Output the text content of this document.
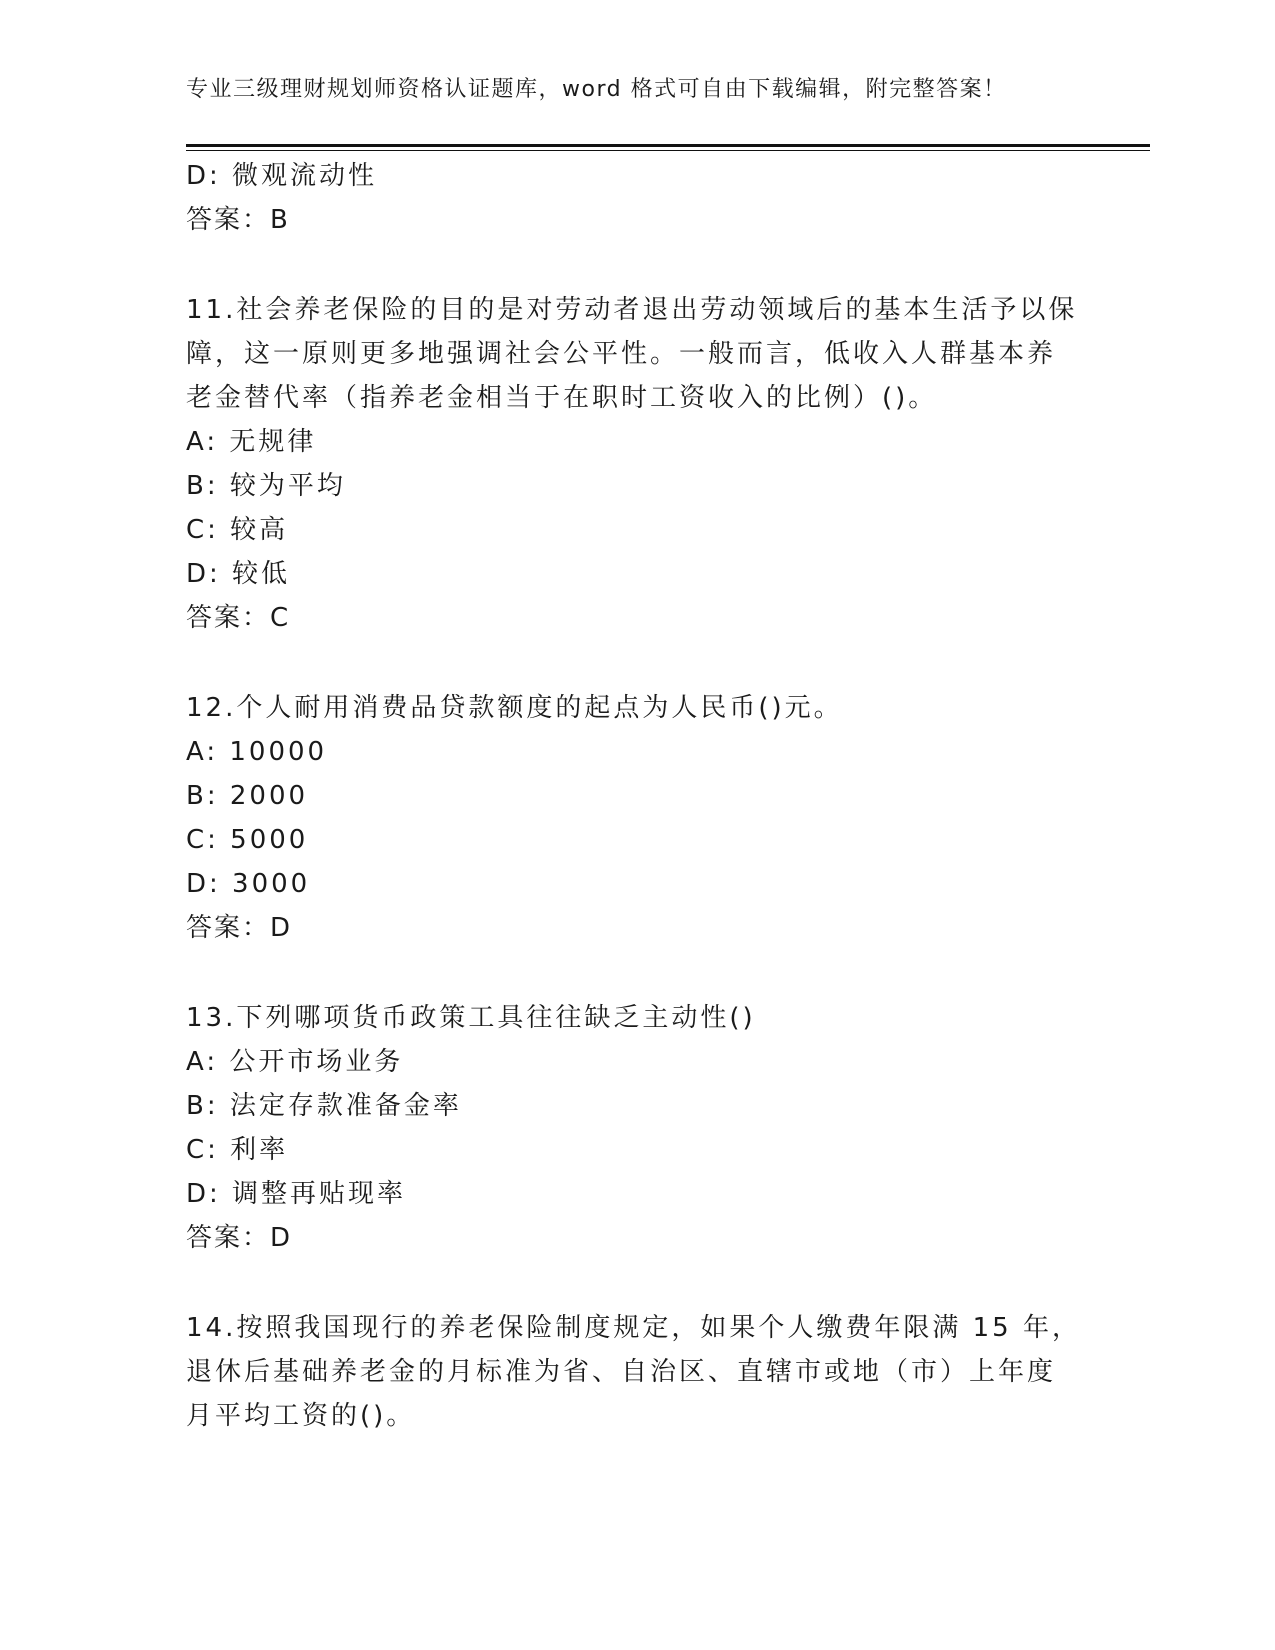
专业三级理财规划师资格认证题库，word 格式可自由下载编辑，附完整答案！
D: 微观流动性
答案：B
11.社会养老保险的目的是对劳动者退出劳动领域后的基本生活予以保
障，这一原则更多地强调社会公平性。一般而言，低收入人群基本养
老金替代率（指养老金相当于在职时工资收入的比例）()。
A: 无规律
B: 较为平均
C: 较高
D: 较低
答案：C
12.个人耐用消费品贷款额度的起点为人民币()元。
A: 10000
B: 2000
C: 5000
D: 3000
答案：D
13.下列哪项货币政策工具往往缺乏主动性()
A: 公开市场业务
B: 法定存款准备金率
C: 利率
D: 调整再贴现率
答案：D
14.按照我国现行的养老保险制度规定，如果个人缴费年限满 15 年，
退休后基础养老金的月标准为省、自治区、直辖市或地（市）上年度
月平均工资的()。
